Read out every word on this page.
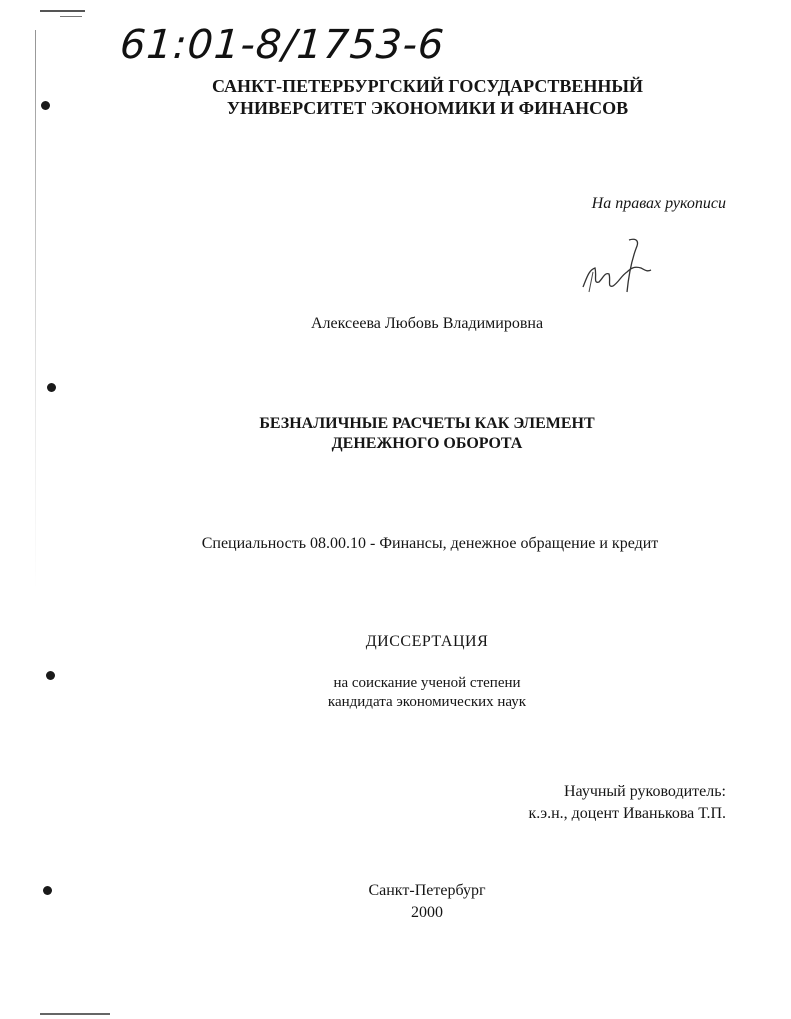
61:01-8/1753-6
САНКТ-ПЕТЕРБУРГСКИЙ ГОСУДАРСТВЕННЫЙ
УНИВЕРСИТЕТ ЭКОНОМИКИ И ФИНАНСОВ
На правах рукописи
Алексеева Любовь Владимировна
БЕЗНАЛИЧНЫЕ РАСЧЕТЫ КАК ЭЛЕМЕНТ
ДЕНЕЖНОГО ОБОРОТА
Специальность 08.00.10 - Финансы, денежное обращение и кредит
ДИССЕРТАЦИЯ
на соискание ученой степени
кандидата экономических наук
Научный руководитель:
к.э.н., доцент Иванькова Т.П.
Санкт-Петербург
2000
